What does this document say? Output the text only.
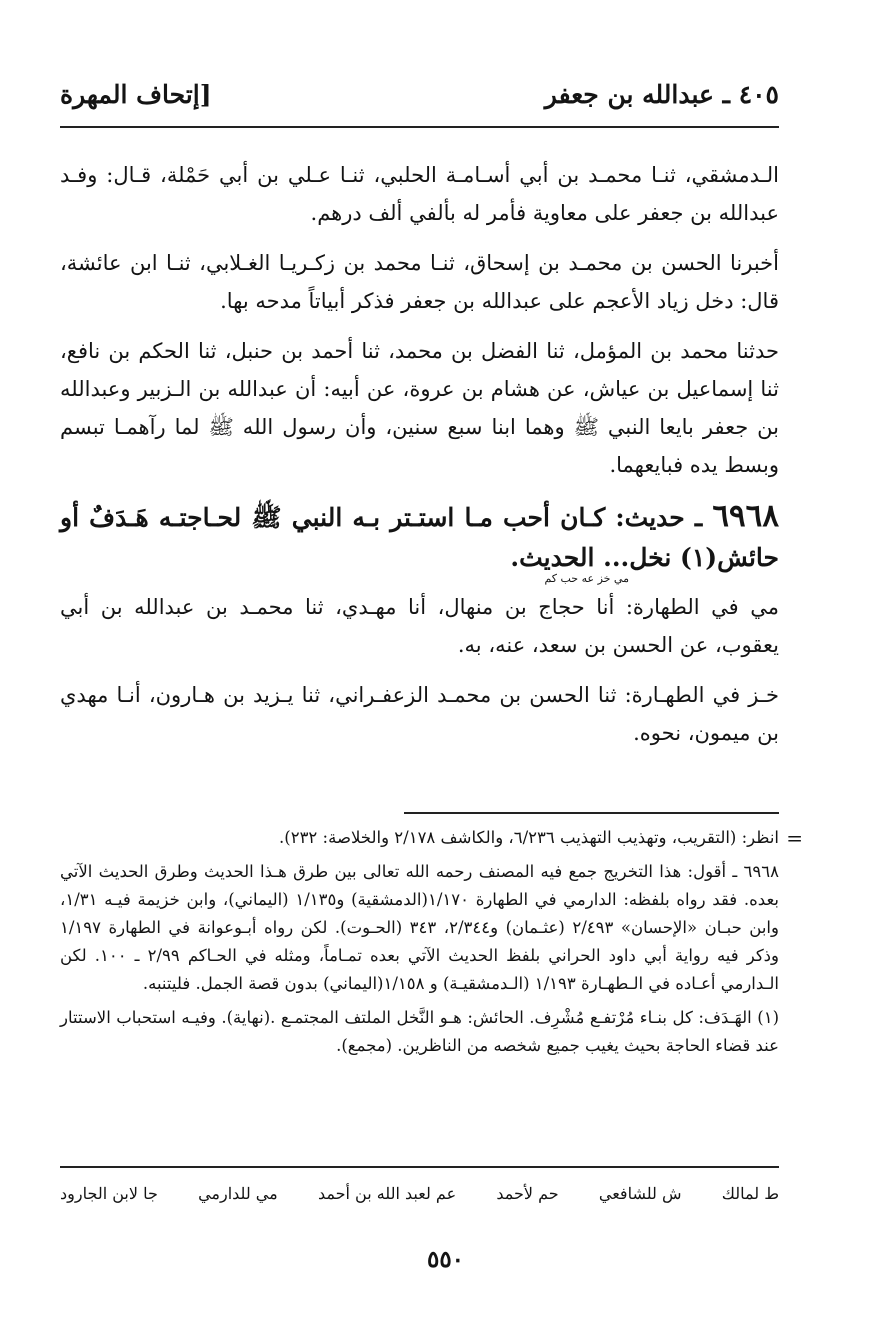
٤٠٥ ـ عبدالله بن جعفر
[إتحاف المهرة

الـدمشقي، ثنـا محمـد بن أبي أسـامـة الحلبي، ثنـا عـلي بن أبي حَمْلة، قـال: وفـد عبدالله بن جعفر على معاوية فأمر له بألفي ألف درهم.

أخبرنا الحسن بن محمـد بن إسحاق، ثنـا محمد بن زكـريـا الغـلابي، ثنـا ابن عائشة، قال: دخل زياد الأعجم على عبدالله بن جعفر فذكر أبياتاً مدحه بها.

حدثنا محمد بن المؤمل، ثنا الفضل بن محمد، ثنا أحمد بن حنبل، ثنا الحكم بن نافع، ثنا إسماعيل بن عياش، عن هشام بن عروة، عن أبيه: أن عبدالله بن الـزبير وعبدالله بن جعفر بايعا النبي ﷺ وهما ابنا سبع سنين، وأن رسول الله ﷺ لما رآهمـا تبسم وبسط يده فبايعهما.

٦٩٦٨ ـ حديث: كـان أحب مـا استـتر بـه النبي ﷺ لحـاجتـه هَـدَفٌ أو حائش(١) نخل... الحديث.
مي خز عه حب كم

مي في الطهارة: أنا حجاج بن منهال، أنا مهـدي، ثنا محمـد بن عبدالله بن أبي يعقوب، عن الحسن بن سعد، عنه، به.

خـز في الطهـارة: ثنا الحسن بن محمـد الزعفـراني، ثنا يـزيد بن هـارون، أنـا مهدي بن ميمون، نحوه.

=

انظر: (التقريب، وتهذيب التهذيب ٦/٢٣٦، والكاشف ٢/١٧٨ والخلاصة: ٢٣٢).

٦٩٦٨ ـ أقول: هذا التخريج جمع فيه المصنف رحمه الله تعالى بين طرق هـذا الحديث وطرق الحديث الآتي بعده. فقد رواه بلفظه: الدارمي في الطهارة ١/١٧٠(الدمشقية) و١/١٣٥ (اليماني)، وابن خزيمة فيـه ١/٣١، وابن حبـان «الإحسان» ٢/٤٩٣ (عثـمان) و٢/٣٤٤، ٣٤٣ (الحـوت). لكن رواه أبـوعوانة في الطهارة ١/١٩٧ وذكر فيه رواية أبي داود الحراني بلفظ الحديث الآتي بعده تمـاماً، ومثله في الحـاكم ٢/٩٩ ـ ١٠٠. لكن الـدارمي أعـاده في الـطهـارة ١/١٩٣ (الـدمشقيـة) و ١/١٥٨(اليماني) بدون قصة الجمل. فليتنبه.

(١) الهَـدَف: كل بنـاء مُرْتفـع مُشْرِف. الحائش: هـو النَّخل الملتف المجتمـع .(نهاية). وفيـه استحباب الاستتار عند قضاء الحاجة بحيث يغيب جميع شخصه من الناظرين. (مجمع).

ط لمالك
ش للشافعي
حم لأحمد
عم لعبد الله بن أحمد
مي للدارمي
جا لابن الجارود
٥٥٠
